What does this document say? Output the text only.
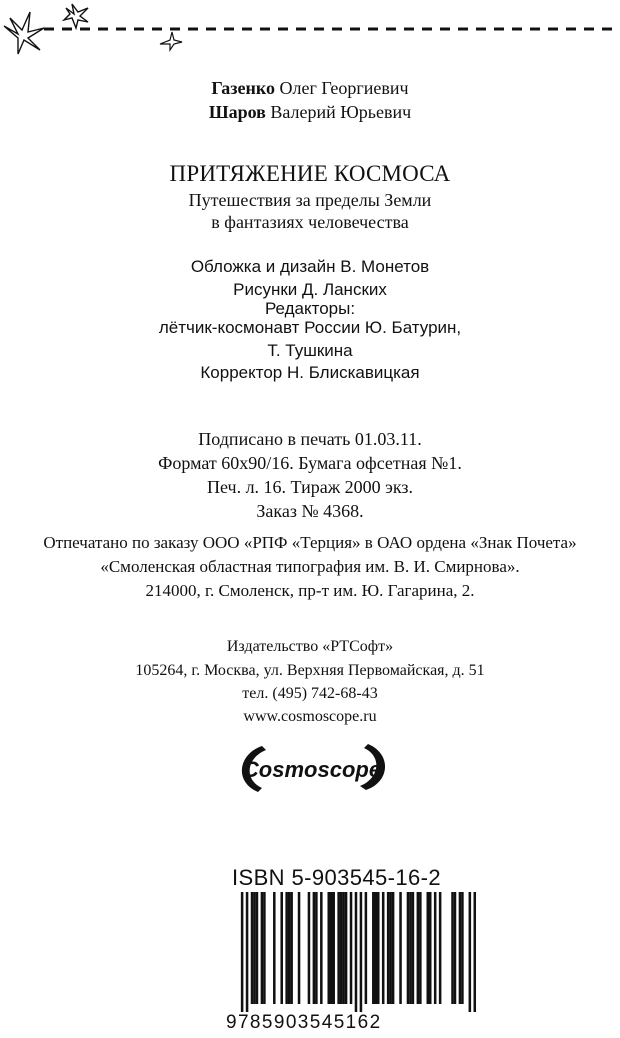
Газенко Олег Георгиевич
Шаров Валерий Юрьевич
ПРИТЯЖЕНИЕ КОСМОСА
Путешествия за пределы Земли
в фантазиях человечества
Обложка и дизайн В. Монетов
Рисунки Д. Ланских
Редакторы:
лётчик-космонавт России Ю. Батурин,
Т. Тушкина
Корректор Н. Блискавицкая
Подписано в печать 01.03.11.
Формат 60х90/16. Бумага офсетная №1.
Печ. л. 16. Тираж 2000 экз.
Заказ № 4368.
Отпечатано по заказу ООО «РПФ «Терция» в ОАО ордена «Знак Почета»
«Смоленская областная типография им. В. И. Смирнова».
214000, г. Смоленск, пр-т им. Ю. Гагарина, 2.
Издательство «РТСофт»
105264, г. Москва, ул. Верхняя Первомайская, д. 51
тел. (495) 742-68-43
www.cosmoscope.ru
Cosmoscope
ISBN 5-903545-16-2
9785903545162
